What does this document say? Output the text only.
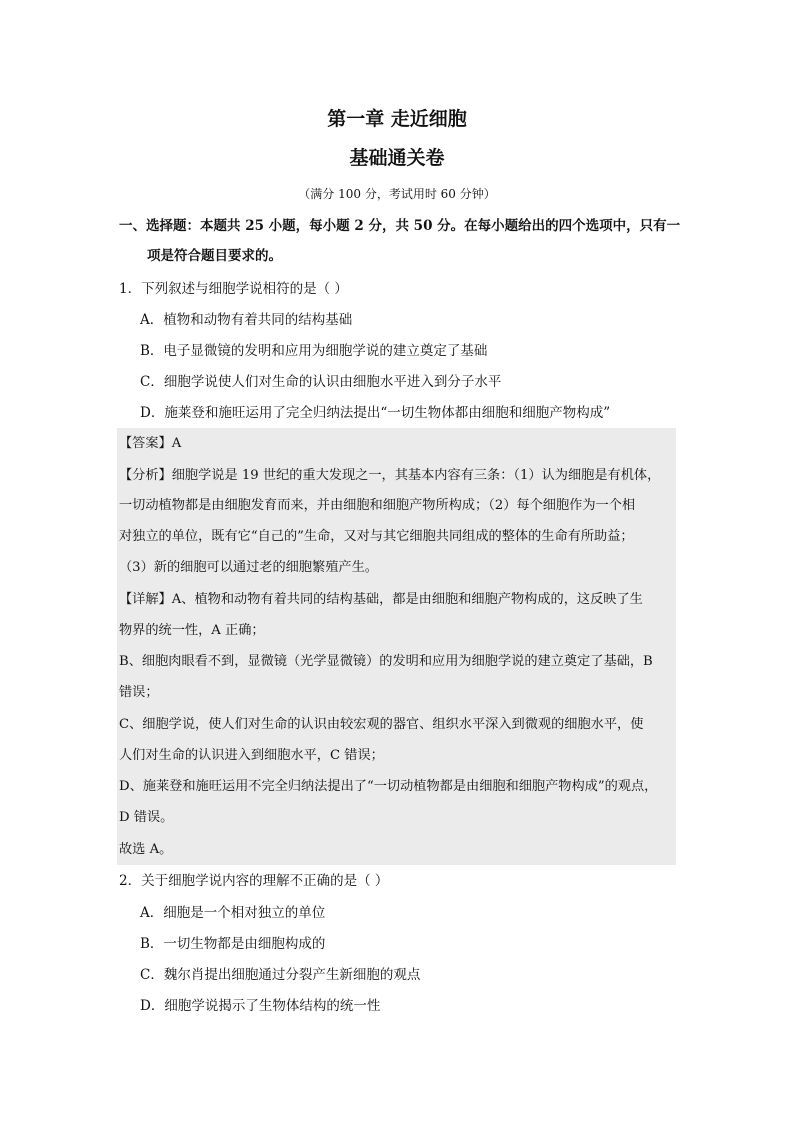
第一章 走近细胞
基础通关卷
（满分 100 分，考试用时 60 分钟）
一、选择题：本题共 25 小题，每小题 2 分，共 50 分。在每小题给出的四个选项中，只有一
项是符合题目要求的。
1．下列叙述与细胞学说相符的是（ ）
A．植物和动物有着共同的结构基础
B．电子显微镜的发明和应用为细胞学说的建立奠定了基础
C．细胞学说使人们对生命的认识由细胞水平进入到分子水平
D．施莱登和施旺运用了完全归纳法提出“一切生物体都由细胞和细胞产物构成”
【答案】A
【分析】细胞学说是 19 世纪的重大发现之一，其基本内容有三条：（1）认为细胞是有机体，
一切动植物都是由细胞发育而来，并由细胞和细胞产物所构成；（2）每个细胞作为一个相
对独立的单位，既有它“自己的”生命，又对与其它细胞共同组成的整体的生命有所助益；
（3）新的细胞可以通过老的细胞繁殖产生。
【详解】A、植物和动物有着共同的结构基础，都是由细胞和细胞产物构成的，这反映了生
物界的统一性，A 正确；
B、细胞肉眼看不到，显微镜（光学显微镜）的发明和应用为细胞学说的建立奠定了基础，B
错误；
C、细胞学说，使人们对生命的认识由较宏观的器官、组织水平深入到微观的细胞水平，使
人们对生命的认识进入到细胞水平，C 错误；
D、施莱登和施旺运用不完全归纳法提出了“一切动植物都是由细胞和细胞产物构成”的观点，
D 错误。
故选 A。
2．关于细胞学说内容的理解不正确的是（ ）
A．细胞是一个相对独立的单位
B．一切生物都是由细胞构成的
C．魏尔肖提出细胞通过分裂产生新细胞的观点
D．细胞学说揭示了生物体结构的统一性
